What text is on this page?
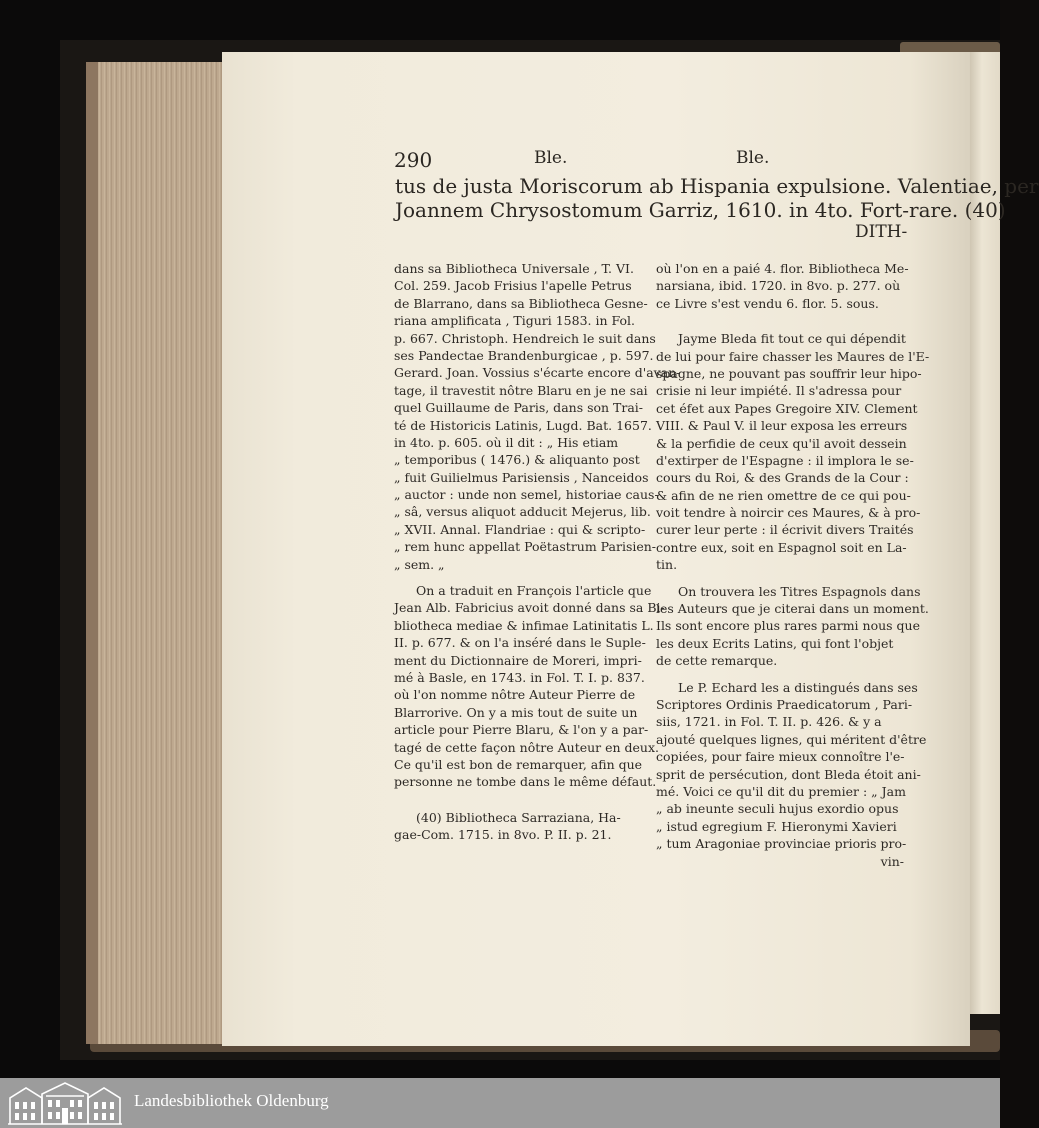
290	Ble.	Ble.
tus de justa Moriscorum ab Hispania expulsione. Valentiae, per
Joannem Chrysostomum Garriz, 1610. in 4to. Fort-rare. (40)
DITH-
dans sa Bibliotheca Universale , T. VI.
Col. 259. Jacob Frisius l'apelle Petrus
de Blarrano, dans sa Bibliotheca Gesne-
riana amplificata , Tiguri 1583. in Fol.
p. 667. Christoph. Hendreich le suit dans
ses Pandectae Brandenburgicae , p. 597.
Gerard. Joan. Vossius s'écarte encore d'avan-
tage, il travestit nôtre Blaru en je ne sai
quel Guillaume de Paris, dans son Trai-
té de Historicis Latinis, Lugd. Bat. 1657.
in 4to. p. 605. où il dit : „ His etiam
„ temporibus ( 1476.) & aliquanto post
„ fuit Guilielmus Parisiensis , Nanceidos
„ auctor : unde non semel, historiae caus-
„ sâ, versus aliquot adducit Mejerus, lib.
„ XVII. Annal. Flandriae : qui & scripto-
„ rem hunc appellat Poëtastrum Parisien-
„ sem. „
On a traduit en François l'article que
Jean Alb. Fabricius avoit donné dans sa Bi-
bliotheca mediae & infimae Latinitatis L.
II. p. 677. & on l'a inséré dans le Suple-
ment du Dictionnaire de Moreri, impri-
mé à Basle, en 1743. in Fol. T. I. p. 837.
où l'on nomme nôtre Auteur Pierre de
Blarrorive. On y a mis tout de suite un
article pour Pierre Blaru, & l'on y a par-
tagé de cette façon nôtre Auteur en deux.
Ce qu'il est bon de remarquer, afin que
personne ne tombe dans le même défaut.
(40) Bibliotheca Sarraziana, Ha-
gae-Com. 1715. in 8vo. P. II. p. 21.
où l'on en a paié 4. flor. Bibliotheca Me-
narsiana, ibid. 1720. in 8vo. p. 277. où
ce Livre s'est vendu 6. flor. 5. sous.
Jayme Bleda fit tout ce qui dépendit
de lui pour faire chasser les Maures de l'E-
spagne, ne pouvant pas souffrir leur hipo-
crisie ni leur impiété. Il s'adressa pour
cet éfet aux Papes Gregoire XIV. Clement
VIII. & Paul V. il leur exposa les erreurs
& la perfidie de ceux qu'il avoit dessein
d'extirper de l'Espagne : il implora le se-
cours du Roi, & des Grands de la Cour :
& afin de ne rien omettre de ce qui pou-
voit tendre à noircir ces Maures, & à pro-
curer leur perte : il écrivit divers Traités
contre eux, soit en Espagnol soit en La-
tin.
On trouvera les Titres Espagnols dans
les Auteurs que je citerai dans un moment.
Ils sont encore plus rares parmi nous que
les deux Ecrits Latins, qui font l'objet
de cette remarque.
Le P. Echard les a distingués dans ses
Scriptores Ordinis Praedicatorum , Pari-
siis, 1721. in Fol. T. II. p. 426. & y a
ajouté quelques lignes, qui méritent d'être
copiées, pour faire mieux connoître l'e-
sprit de persécution, dont Bleda étoit ani-
mé. Voici ce qu'il dit du premier : „ Jam
„ ab ineunte seculi hujus exordio opus
„ istud egregium F. Hieronymi Xavieri
„ tum Aragoniae provinciae prioris pro-
vin-
Landesbibliothek Oldenburg
